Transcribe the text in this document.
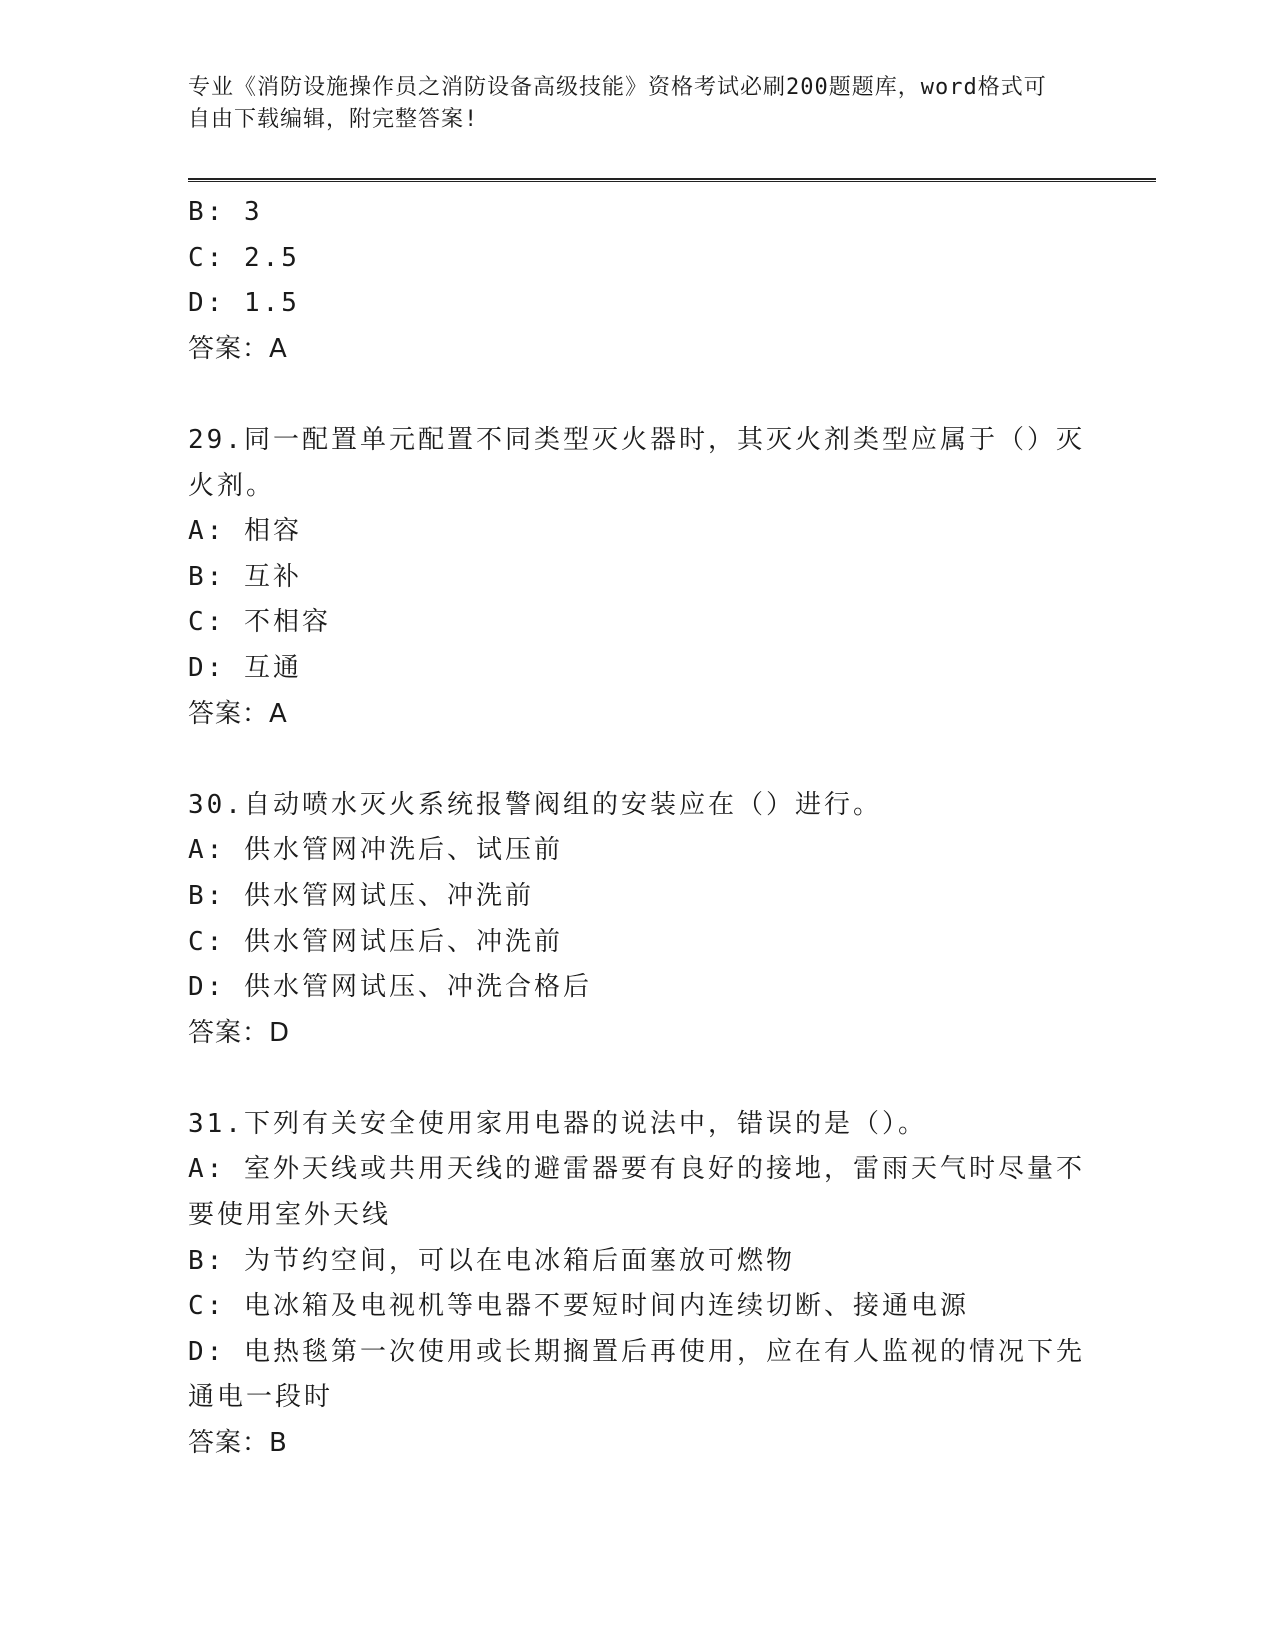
专业《消防设施操作员之消防设备高级技能》资格考试必刷200题题库，word格式可自由下载编辑，附完整答案!
B: 3
C: 2.5
D: 1.5
答案：A
29.同一配置单元配置不同类型灭火器时，其灭火剂类型应属于（）灭火剂。
A: 相容
B: 互补
C: 不相容
D: 互通
答案：A
30.自动喷水灭火系统报警阀组的安装应在（）进行。
A: 供水管网冲洗后、试压前
B: 供水管网试压、冲洗前
C: 供水管网试压后、冲洗前
D: 供水管网试压、冲洗合格后
答案：D
31.下列有关安全使用家用电器的说法中，错误的是（）。
A: 室外天线或共用天线的避雷器要有良好的接地，雷雨天气时尽量不要使用室外天线
B: 为节约空间，可以在电冰箱后面塞放可燃物
C: 电冰箱及电视机等电器不要短时间内连续切断、接通电源
D: 电热毯第一次使用或长期搁置后再使用，应在有人监视的情况下先通电一段时
答案：B
